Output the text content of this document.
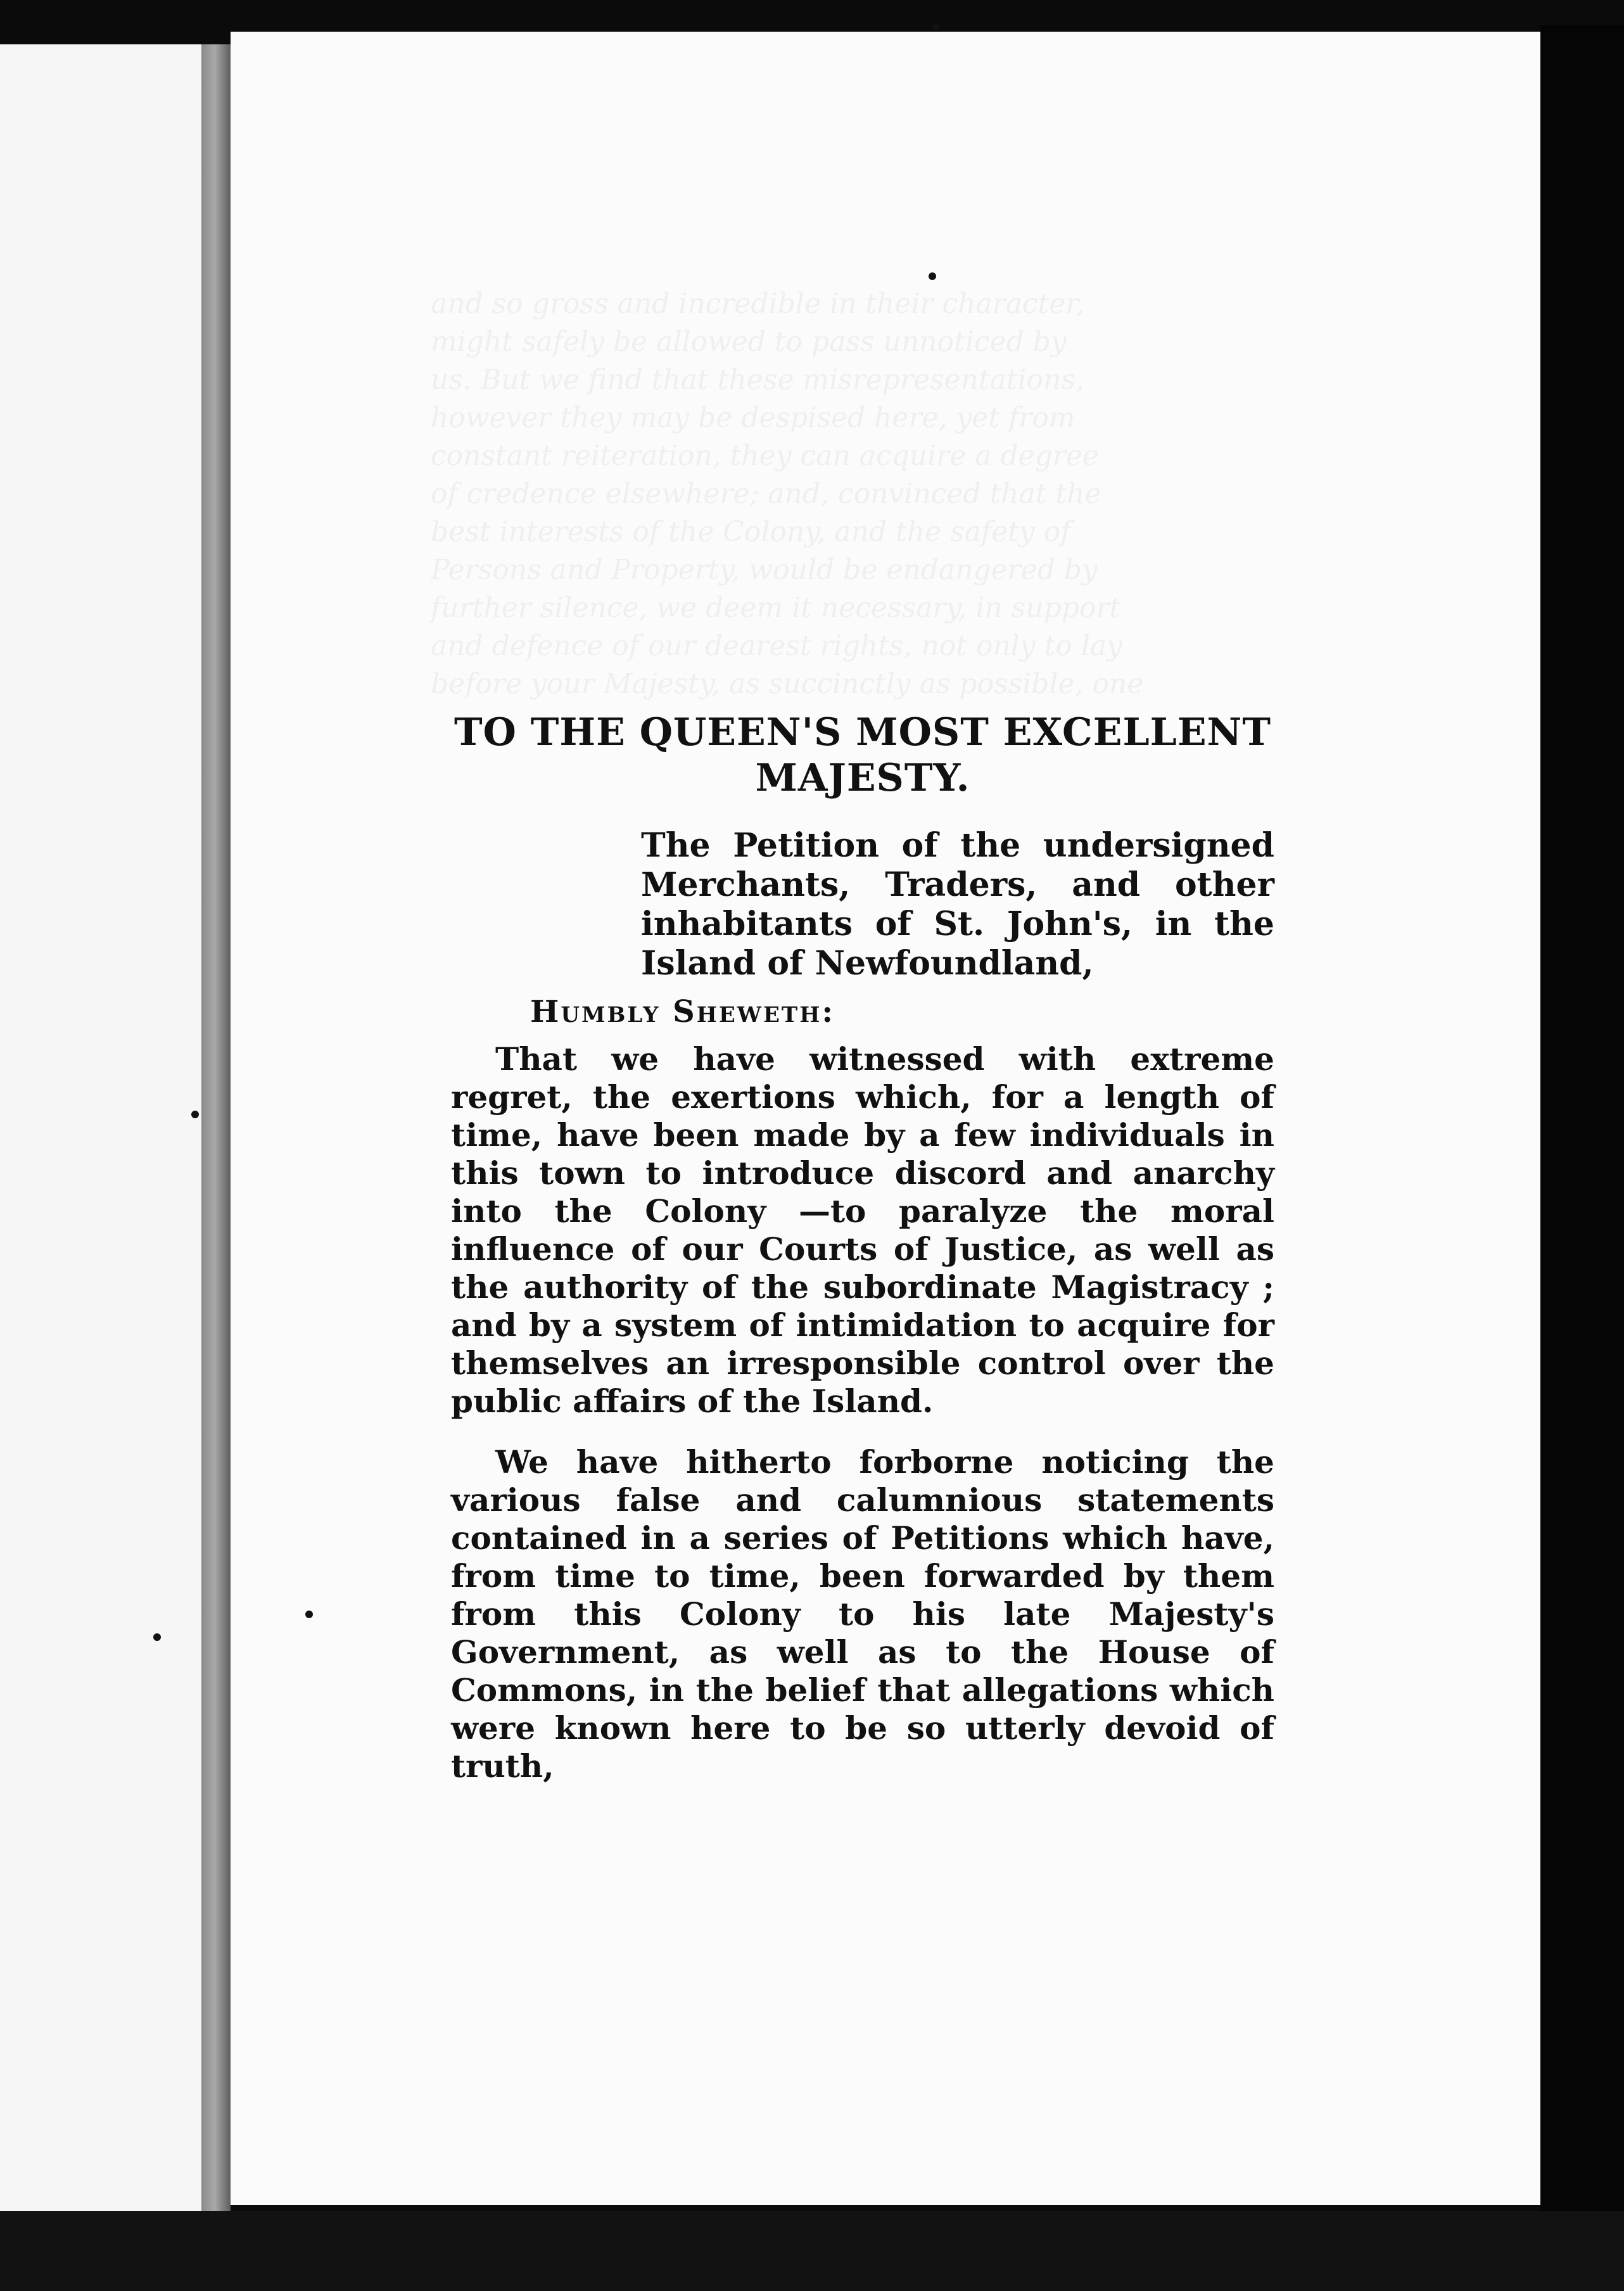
and so gross and incredible in their character,

might safely be allowed to pass unnoticed by

us. But we find that these misrepresentations,

however they may be despised here, yet from

constant reiteration, they can acquire a degree

of credence elsewhere; and, convinced that the

best interests of the Colony, and the safety of

Persons and Property, would be endangered by

further silence, we deem it necessary, in support

and defence of our dearest rights, not only to lay

before your Majesty, as succinctly as possible, one

TO THE QUEEN'S MOST EXCELLENT MAJESTY.

The Petition of the undersigned Merchants, Traders, and other inhabitants of St. John's, in the Island of Newfoundland,

Humbly Sheweth:

That we have witnessed with extreme regret, the exertions which, for a length of time, have been made by a few individuals in this town to introduce discord and anarchy into the Colony —to paralyze the moral influence of our Courts of Justice, as well as the authority of the subordinate Magistracy ; and by a system of intimidation to acquire for themselves an irresponsible control over the public affairs of the Island.

We have hitherto forborne noticing the various false and calumnious statements contained in a series of Petitions which have, from time to time, been forwarded by them from this Colony to his late Majesty's Government, as well as to the House of Commons, in the belief that allegations which were known here to be so utterly devoid of truth,
